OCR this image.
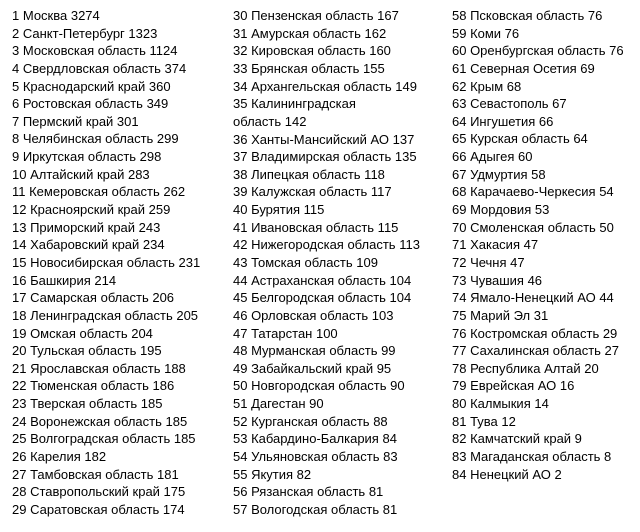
1 Москва 3274
2 Санкт-Петербург 1323
3 Московская область 1124
4 Свердловская область 374
5 Краснодарский край 360
6 Ростовская область 349
7 Пермский край 301
8 Челябинская область 299
9 Иркутская область 298
10 Алтайский край 283
11 Кемеровская область 262
12 Красноярский край 259
13 Приморский край 243
14 Хабаровский край 234
15 Новосибирская область 231
16 Башкирия 214
17 Самарская область 206
18 Ленинградская область 205
19 Омская область 204
20 Тульская область 195
21 Ярославская область 188
22 Тюменская область 186
23 Тверская область 185
24 Воронежская область 185
25 Волгоградская область 185
26 Карелия 182
27 Тамбовская область 181
28 Ставропольский край 175
29 Саратовская область 174
30 Пензенская область 167
31 Амурская область 162
32 Кировская область 160
33 Брянская область 155
34 Архангельская область 149
35 Калининградская область 142
36 Ханты-Мансийский АО 137
37 Владимирская область 135
38 Липецкая область 118
39 Калужская область 117
40 Бурятия 115
41 Ивановская область 115
42 Нижегородская область 113
43 Томская область 109
44 Астраханская область 104
45 Белгородская область 104
46 Орловская область 103
47 Татарстан 100
48 Мурманская область 99
49 Забайкальский край 95
50 Новгородская область 90
51 Дагестан 90
52 Курганская область 88
53 Кабардино-Балкария 84
54 Ульяновская область 83
55 Якутия 82
56 Рязанская область 81
57 Вологодская область 81
58 Псковская область 76
59 Коми 76
60 Оренбургская область 76
61 Северная Осетия 69
62 Крым 68
63 Севастополь 67
64 Ингушетия 66
65 Курская область 64
66 Адыгея 60
67 Удмуртия 58
68 Карачаево-Черкесия 54
69 Мордовия 53
70 Смоленская область 50
71 Хакасия 47
72 Чечня 47
73 Чувашия 46
74 Ямало-Ненецкий АО 44
75 Марий Эл 31
76 Костромская область 29
77 Сахалинская область 27
78 Республика Алтай 20
79 Еврейская АО 16
80 Калмыкия 14
81 Тува 12
82 Камчатский край 9
83 Магаданская область 8
84 Ненецкий АО 2
